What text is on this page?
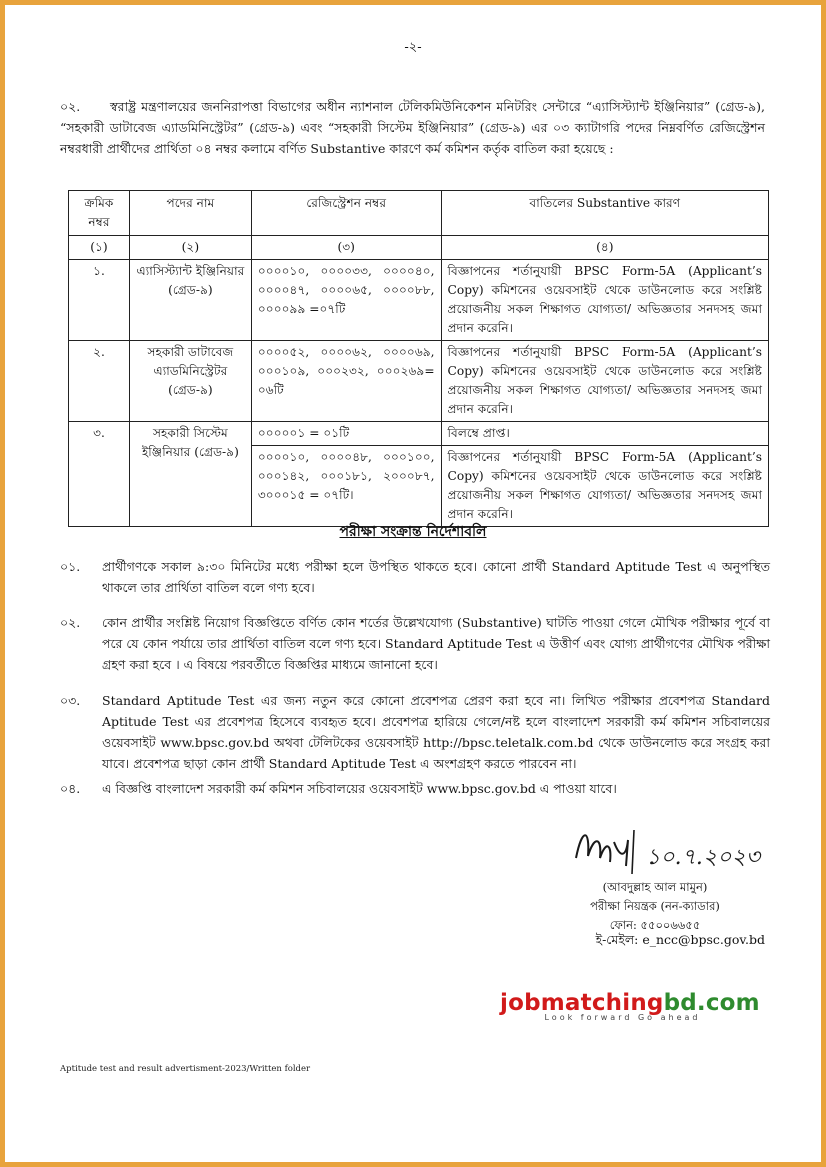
-২-
০২. স্বরাষ্ট্র মন্ত্রণালয়ের জননিরাপত্তা বিভাগের অধীন ন্যাশনাল টেলিকমিউনিকেশন মনিটরিং সেন্টারে “এ্যাসিস্ট্যান্ট ইঞ্জিনিয়ার” (গ্রেড-৯), “সহকারী ডাটাবেজ এ্যাডমিনিস্ট্রেটর” (গ্রেড-৯) এবং “সহকারী সিস্টেম ইঞ্জিনিয়ার” (গ্রেড-৯) এর ০৩ ক্যাটাগরি পদের নিম্নবর্ণিত রেজিস্ট্রেশন নম্বরধারী প্রার্থীদের প্রার্থিতা ০৪ নম্বর কলামে বর্ণিত Substantive কারণে কর্ম কমিশন কর্তৃক বাতিল করা হয়েছে :
ক্রমিক নম্বর	পদের নাম	রেজিস্ট্রেশন নম্বর	বাতিলের Substantive কারণ
(১)	(২)	(৩)	(৪)
১.	এ্যাসিস্ট্যান্ট ইঞ্জিনিয়ার (গ্রেড-৯)	০০০০১০, ০০০০৩৩, ০০০০৪০, ০০০০৪৭, ০০০০৬৫, ০০০০৮৮, ০০০০৯৯ =০৭টি	বিজ্ঞাপনের শর্তানুযায়ী BPSC Form-5A (Applicant’s Copy) কমিশনের ওয়েবসাইট থেকে ডাউনলোড করে সংশ্লিষ্ট প্রয়োজনীয় সকল শিক্ষাগত যোগ্যতা/ অভিজ্ঞতার সনদসহ জমা প্রদান করেনি।
২.	সহকারী ডাটাবেজ এ্যাডমিনিস্ট্রেটর (গ্রেড-৯)	০০০০৫২, ০০০০৬২, ০০০০৬৯, ০০০১০৯, ০০০২৩২, ০০০২৬৯= ০৬টি	বিজ্ঞাপনের শর্তানুযায়ী BPSC Form-5A (Applicant’s Copy) কমিশনের ওয়েবসাইট থেকে ডাউনলোড করে সংশ্লিষ্ট প্রয়োজনীয় সকল শিক্ষাগত যোগ্যতা/ অভিজ্ঞতার সনদসহ জমা প্রদান করেনি।
৩.	সহকারী সিস্টেম ইঞ্জিনিয়ার (গ্রেড-৯)	০০০০০১ = ০১টি	বিলম্বে প্রাপ্ত।
		০০০০১০, ০০০০৪৮, ০০০১০০, ০০০১৪২, ০০০১৮১, ২০০০৮৭, ৩০০০১৫ = ০৭টি।	বিজ্ঞাপনের শর্তানুযায়ী BPSC Form-5A (Applicant’s Copy) কমিশনের ওয়েবসাইট থেকে ডাউনলোড করে সংশ্লিষ্ট প্রয়োজনীয় সকল শিক্ষাগত যোগ্যতা/ অভিজ্ঞতার সনদসহ জমা প্রদান করেনি।
পরীক্ষা সংক্রান্ত নির্দেশাবলি
০১. প্রার্থীগণকে সকাল ৯:৩০ মিনিটের মধ্যে পরীক্ষা হলে উপস্থিত থাকতে হবে। কোনো প্রার্থী Standard Aptitude Test এ অনুপস্থিত থাকলে তার প্রার্থিতা বাতিল বলে গণ্য হবে।
০২. কোন প্রার্থীর সংশ্লিষ্ট নিয়োগ বিজ্ঞপ্তিতে বর্ণিত কোন শর্তের উল্লেখযোগ্য (Substantive) ঘাটতি পাওয়া গেলে মৌখিক পরীক্ষার পূর্বে বা পরে যে কোন পর্যায়ে তার প্রার্থিতা বাতিল বলে গণ্য হবে। Standard Aptitude Test এ উত্তীর্ণ এবং যোগ্য প্রার্থীগণের মৌখিক পরীক্ষা গ্রহণ করা হবে । এ বিষয়ে পরবর্তীতে বিজ্ঞপ্তির মাধ্যমে জানানো হবে।
০৩. Standard Aptitude Test এর জন্য নতুন করে কোনো প্রবেশপত্র প্রেরণ করা হবে না। লিখিত পরীক্ষার প্রবেশপত্র Standard Aptitude Test এর প্রবেশপত্র হিসেবে ব্যবহৃত হবে। প্রবেশপত্র হারিয়ে গেলে/নষ্ট হলে বাংলাদেশ সরকারী কর্ম কমিশন সচিবালয়ের ওয়েবসাইট www.bpsc.gov.bd অথবা টেলিটকের ওয়েবসাইট http://bpsc.teletalk.com.bd থেকে ডাউনলোড করে সংগ্রহ করা যাবে। প্রবেশপত্র ছাড়া কোন প্রার্থী Standard Aptitude Test এ অংশগ্রহণ করতে পারবেন না।
০৪. এ বিজ্ঞপ্তি বাংলাদেশ সরকারী কর্ম কমিশন সচিবালয়ের ওয়েবসাইট www.bpsc.gov.bd এ পাওয়া যাবে।
১০.৭.২০২৩
(আবদুল্লাহ আল মামুন)
পরীক্ষা নিয়ন্ত্রক (নন-ক্যাডার)
ফোন: ৫৫০০৬৬৫৫
ই-মেইল: e_ncc@bpsc.gov.bd
jobmatchingbd.com
Look forward Go ahead
Aptitude test and result advertisment-2023/Written folder
